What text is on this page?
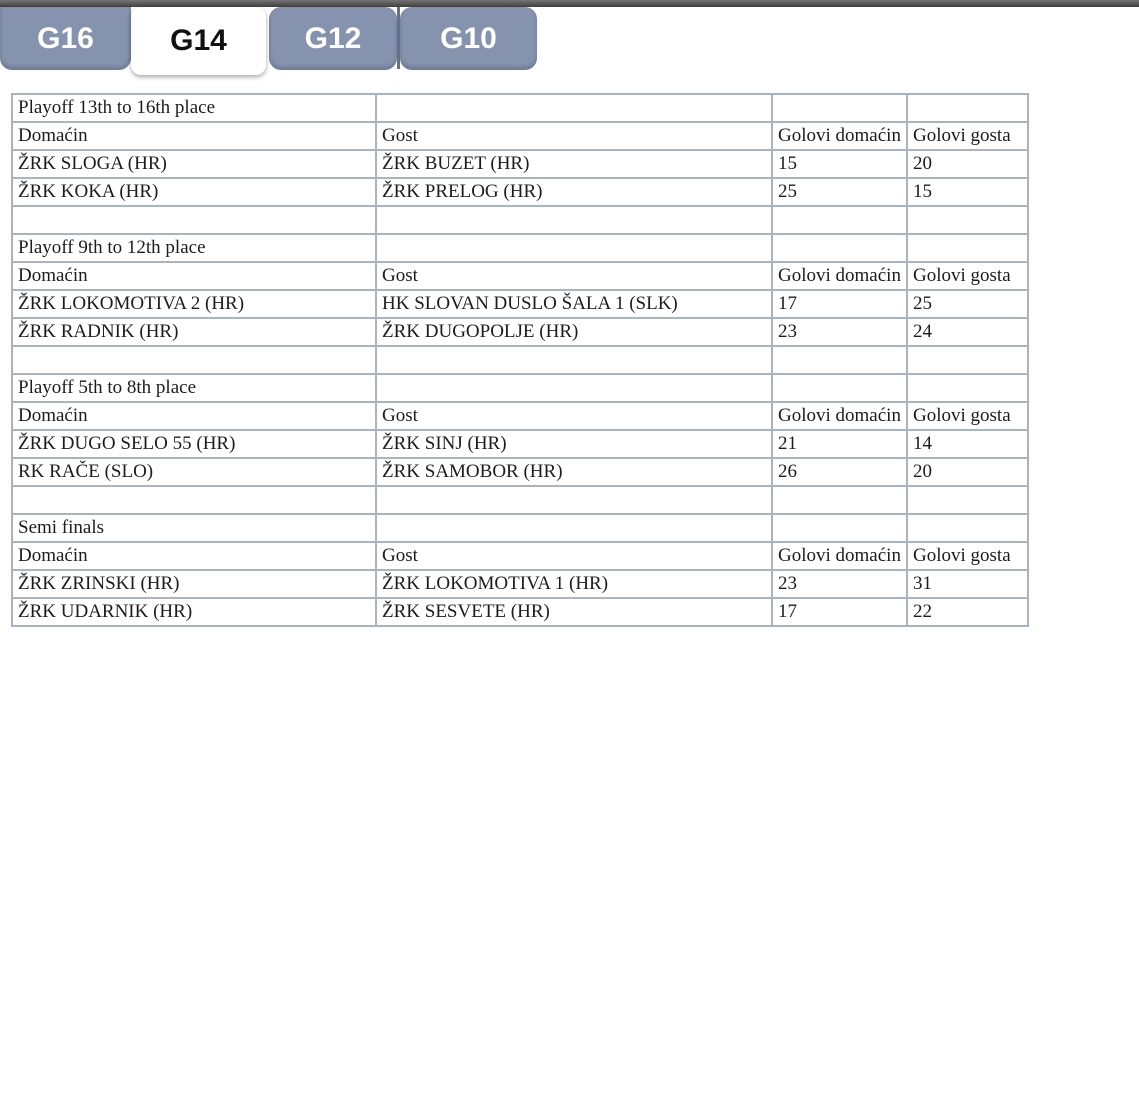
G16	G14	G12	G10
Playoff 13th to 16th place			
Domaćin	Gost	Golovi domaćin	Golovi gosta
ŽRK SLOGA (HR)	ŽRK BUZET (HR)	15	20
ŽRK KOKA (HR)	ŽRK PRELOG (HR)	25	15

Playoff 9th to 12th place			
Domaćin	Gost	Golovi domaćin	Golovi gosta
ŽRK LOKOMOTIVA 2 (HR)	HK SLOVAN DUSLO ŠALA 1 (SLK)	17	25
ŽRK RADNIK (HR)	ŽRK DUGOPOLJE (HR)	23	24

Playoff 5th to 8th place			
Domaćin	Gost	Golovi domaćin	Golovi gosta
ŽRK DUGO SELO 55 (HR)	ŽRK SINJ (HR)	21	14
RK RAČE (SLO)	ŽRK SAMOBOR (HR)	26	20

Semi finals			
Domaćin	Gost	Golovi domaćin	Golovi gosta
ŽRK ZRINSKI (HR)	ŽRK LOKOMOTIVA 1 (HR)	23	31
ŽRK UDARNIK (HR)	ŽRK SESVETE (HR)	17	22
